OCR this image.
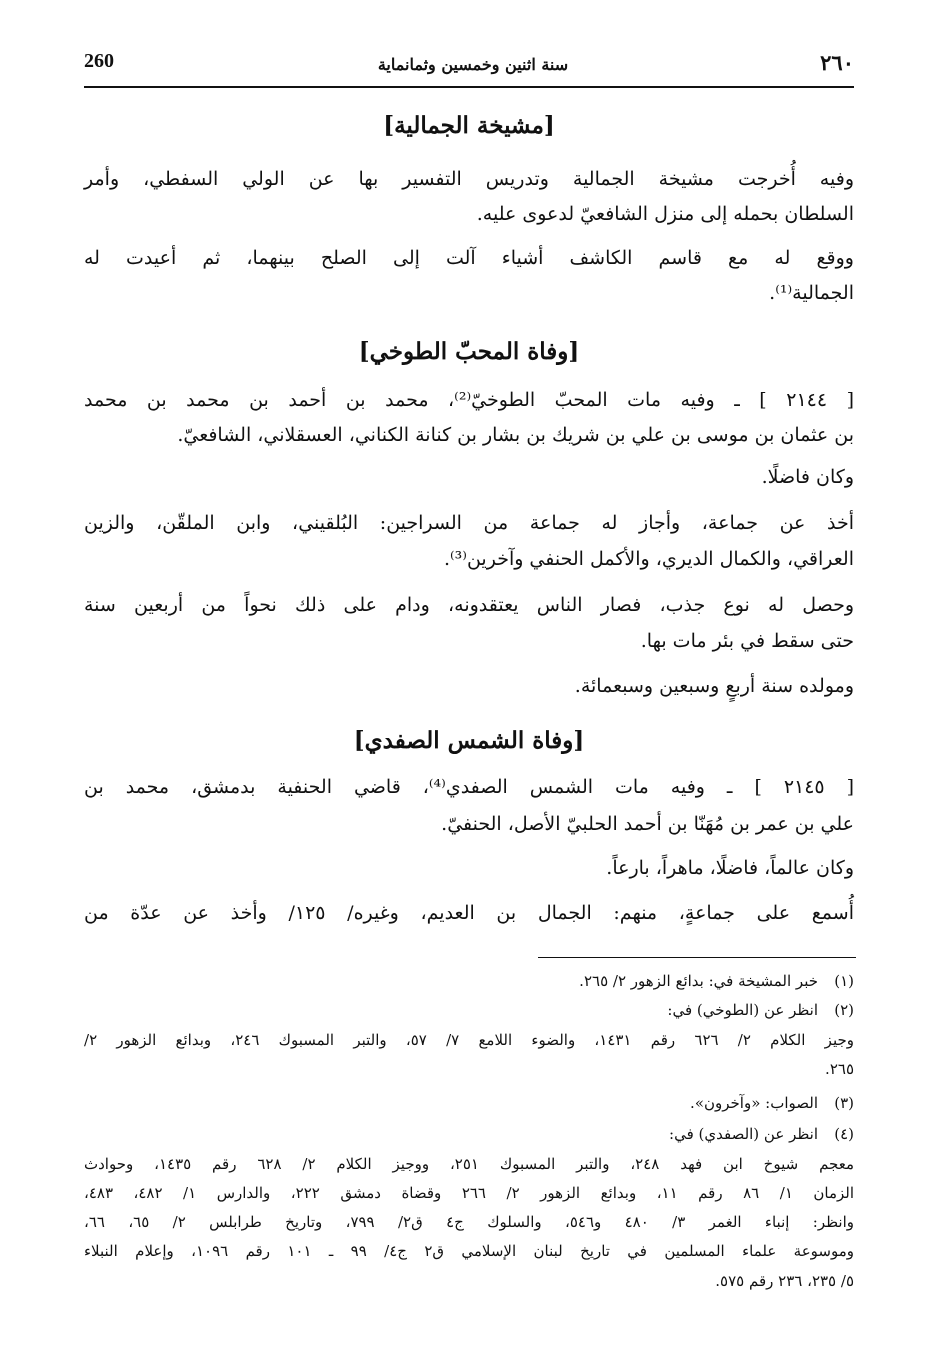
260	سنة اثنين وخمسين وثمانماية	٢٦٠
[مشيخة الجمالية]
وفيه أُخرجت مشيخة الجمالية وتدريس التفسير بها عن الولي السفطي، وأمر
السلطان بحمله إلى منزل الشافعيّ لدعوى عليه.
ووقع له مع قاسم الكاشف أشياء آلت إلى الصلح بينهما، ثم أعيدت له
الجمالية⁽¹⁾.
[وفاة المحبّ الطوخي]
[ ٢١٤٤ ] ـ وفيه مات المحبّ الطوخيّ⁽²⁾، محمد بن أحمد بن محمد بن محمد
بن عثمان بن موسى بن علي بن شريك بن بشار بن كنانة الكناني، العسقلاني، الشافعيّ.
وكان فاضلًا.
أخذ عن جماعة، وأجاز له جماعة من السراجين: البُلقيني، وابن الملقّن، والزين
العراقي، والكمال الديري، والأكمل الحنفي وآخرين⁽³⁾.
وحصل له نوع جذب، فصار الناس يعتقدونه، ودام على ذلك نحواً من أربعين سنة
حتى سقط في بئر مات بها.
ومولده سنة أربعٍ وسبعين وسبعمائة.
[وفاة الشمس الصفدي]
[ ٢١٤٥ ] ـ وفيه مات الشمس الصفدي⁽⁴⁾، قاضي الحنفية بدمشق، محمد بن
علي بن عمر بن مُهَنّا بن أحمد الحلبيّ الأصل، الحنفيّ.
وكان عالماً، فاضلًا، ماهراً، بارعاً.
أُسمع على جماعةٍ، منهم: الجمال بن العديم، وغيره/ ١٢٥/ وأخذ عن عدّة من
(١)خبر المشيخة في: بدائع الزهور ٢/ ٢٦٥.
(٢)انظر عن (الطوخي) في:
وجيز الكلام ٢/ ٦٢٦ رقم ١٤٣١، والضوء اللامع ٧/ ٥٧، والتبر المسبوك ٢٤٦، وبدائع الزهور ٢/
٢٦٥.
(٣)الصواب: «وآخرون».
(٤)انظر عن (الصفدي) في:
معجم شيوخ ابن فهد ٢٤٨، والتبر المسبوك ٢٥١، ووجيز الكلام ٢/ ٦٢٨ رقم ١٤٣٥، وحوادث
الزمان ١/ ٨٦ رقم ١١، وبدائع الزهور ٢/ ٢٦٦ وقضاة دمشق ٢٢٢، والدارس ١/ ٤٨٢، ٤٨٣،
وانظر: إنباء الغمر ٣/ ٤٨٠ و٥٤٦، والسلوك ج٤ ق٢/ ٧٩٩، وتاريخ طرابلس ٢/ ٦٥، ٦٦،
وموسوعة علماء المسلمين في تاريخ لبنان الإسلامي ق٢ ج٤/ ٩٩ ـ ١٠١ رقم ١٠٩٦، وإعلام النبلاء
٥/ ٢٣٥، ٢٣٦ رقم ٥٧٥.
